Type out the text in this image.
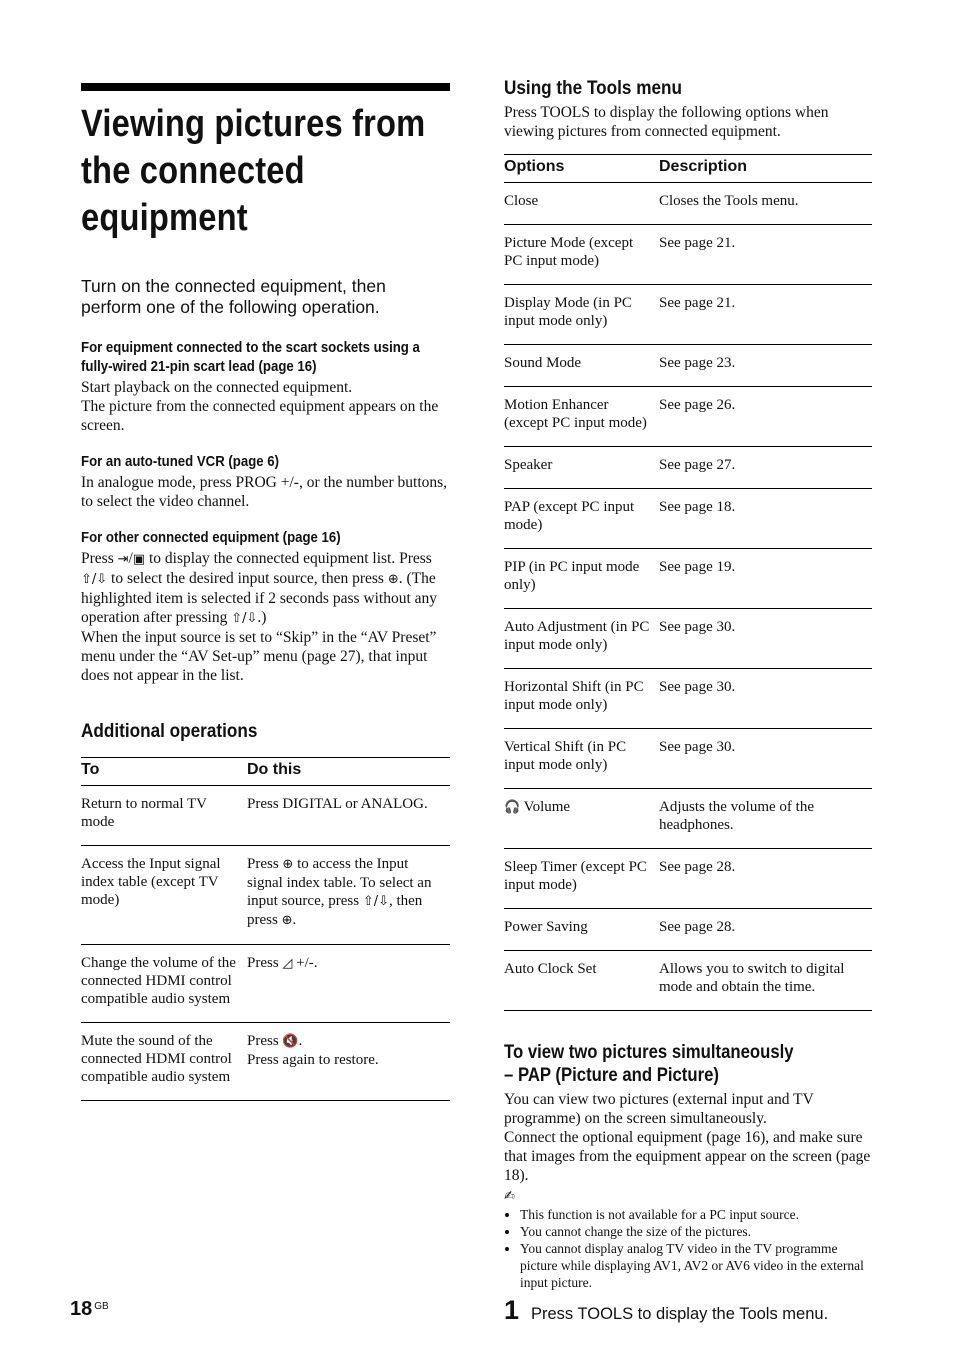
Viewing pictures from the connected equipment
Turn on the connected equipment, then perform one of the following operation.
For equipment connected to the scart sockets using a fully-wired 21-pin scart lead (page 16)
Start playback on the connected equipment.
The picture from the connected equipment appears on the screen.
For an auto-tuned VCR (page 6)
In analogue mode, press PROG +/-, or the number buttons, to select the video channel.
For other connected equipment (page 16)
Press ⇥/▣ to display the connected equipment list. Press ⇧/⇩ to select the desired input source, then press ⊕. (The highlighted item is selected if 2 seconds pass without any operation after pressing ⇧/⇩.)
When the input source is set to “Skip” in the “AV Preset” menu under the “AV Set-up” menu (page 27), that input does not appear in the list.
Additional operations
To	Do this
Return to normal TV mode	Press DIGITAL or ANALOG.
Access the Input signal index table (except TV mode)	Press ⊕ to access the Input signal index table. To select an input source, press ⇧/⇩, then press ⊕.
Change the volume of the connected HDMI control compatible audio system	Press ◿ +/-.
Mute the sound of the connected HDMI control compatible audio system	Press 🔇.
Press again to restore.
Using the Tools menu
Press TOOLS to display the following options when viewing pictures from connected equipment.
Options	Description
Close	Closes the Tools menu.
Picture Mode (except PC input mode)	See page 21.
Display Mode (in PC input mode only)	See page 21.
Sound Mode	See page 23.
Motion Enhancer (except PC input mode)	See page 26.
Speaker	See page 27.
PAP (except PC input mode)	See page 18.
PIP (in PC input mode only)	See page 19.
Auto Adjustment (in PC input mode only)	See page 30.
Horizontal Shift (in PC input mode only)	See page 30.
Vertical Shift (in PC input mode only)	See page 30.
🎧 Volume	Adjusts the volume of the headphones.
Sleep Timer (except PC input mode)	See page 28.
Power Saving	See page 28.
Auto Clock Set	Allows you to switch to digital mode and obtain the time.
To view two pictures simultaneously
– PAP (Picture and Picture)
You can view two pictures (external input and TV programme) on the screen simultaneously.
Connect the optional equipment (page 16), and make sure that images from the equipment appear on the screen (page 18).
✍
• This function is not available for a PC input source.
• You cannot change the size of the pictures.
• You cannot display analog TV video in the TV programme picture while displaying AV1, AV2 or AV6 video in the external input picture.
1 Press TOOLS to display the Tools menu.
18 $^{GB}$
